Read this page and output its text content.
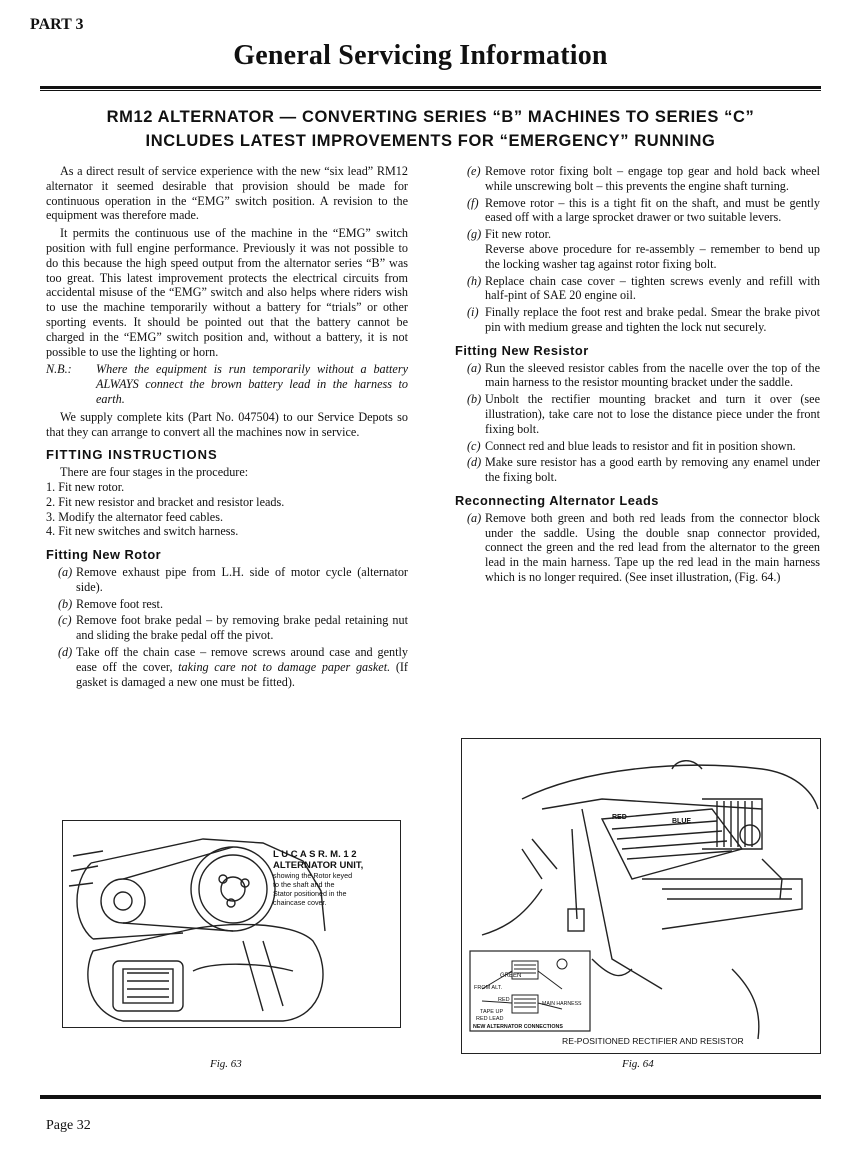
PART 3
General Servicing Information
RM12 ALTERNATOR — CONVERTING SERIES “B” MACHINES TO SERIES “C”
INCLUDES LATEST IMPROVEMENTS FOR “EMERGENCY” RUNNING

As a direct result of service experience with the new “six lead” RM12 alternator it seemed desirable that provision should be made for continuous operation in the “EMG” switch position. A revision to the equipment was therefore made.

It permits the continuous use of the machine in the “EMG” switch position with full engine performance. Previously it was not possible to do this because the high speed output from the alternator series “B” was too great. This latest improvement protects the electrical circuits from accidental misuse of the “EMG” switch and also helps where riders wish to use the machine temporarily without a battery for “trials” or other sporting events. It should be pointed out that the battery cannot be charged in the “EMG” switch position and, without a battery, it is not possible to use the lighting or horn.

N.B.:	Where the equipment is run temporarily without a battery ALWAYS connect the brown battery lead in the harness to earth.

We supply complete kits (Part No. 047504) to our Service Depots so that they can arrange to convert all the machines now in service.

FITTING INSTRUCTIONS

There are four stages in the procedure:

1. Fit new rotor.

2. Fit new resistor and bracket and resistor leads.

3. Modify the alternator feed cables.

4. Fit new switches and switch harness.

Fitting New Rotor
(a) Remove exhaust pipe from L.H. side of motor cycle (alternator side).
(b) Remove foot rest.
(c) Remove foot brake pedal – by removing brake pedal retaining nut and sliding the brake pedal off the pivot.
(d) Take off the chain case – remove screws around case and gently ease off the cover, taking care not to damage paper gasket. (If gasket is damaged a new one must be fitted).
(e) Remove rotor fixing bolt – engage top gear and hold back wheel while unscrewing bolt – this prevents the engine shaft turning.
(f) Remove rotor – this is a tight fit on the shaft, and must be gently eased off with a large sprocket drawer or two suitable levers.
(g) Fit new rotor.
Reverse above procedure for re-assembly – remember to bend up the locking washer tag against rotor fixing bolt.
(h) Replace chain case cover – tighten screws evenly and refill with half-pint of SAE 20 engine oil.
(i) Finally replace the foot rest and brake pedal. Smear the brake pivot pin with medium grease and tighten the lock nut securely.
Fitting New Resistor
(a) Run the sleeved resistor cables from the nacelle over the top of the main harness to the resistor mounting bracket under the saddle.
(b) Unbolt the rectifier mounting bracket and turn it over (see illustration), take care not to lose the distance piece under the front fixing bolt.
(c) Connect red and blue leads to resistor and fit in position shown.
(d) Make sure resistor has a good earth by removing any enamel under the fixing bolt.
Reconnecting Alternator Leads
(a) Remove both green and both red leads from the connector block under the saddle. Using the double snap connector provided, connect the green and the red lead from the alternator to the green lead in the main harness. Tape up the red lead in the main harness which is no longer required. (See inset illustration, (Fig. 64.)
L U C A S R. M. 1 2
ALTERNATOR UNIT,
showing the Rotor keyed
to the shaft and the
Stator positioned in the
chaincase cover.
Fig. 63
RED
BLUE
GREEN
FROM ALT.
RED
MAIN HARNESS
TAPE UP
RED LEAD
NEW ALTERNATOR CONNECTIONS
RE-POSITIONED RECTIFIER AND RESISTOR
Fig. 64
Page 32
